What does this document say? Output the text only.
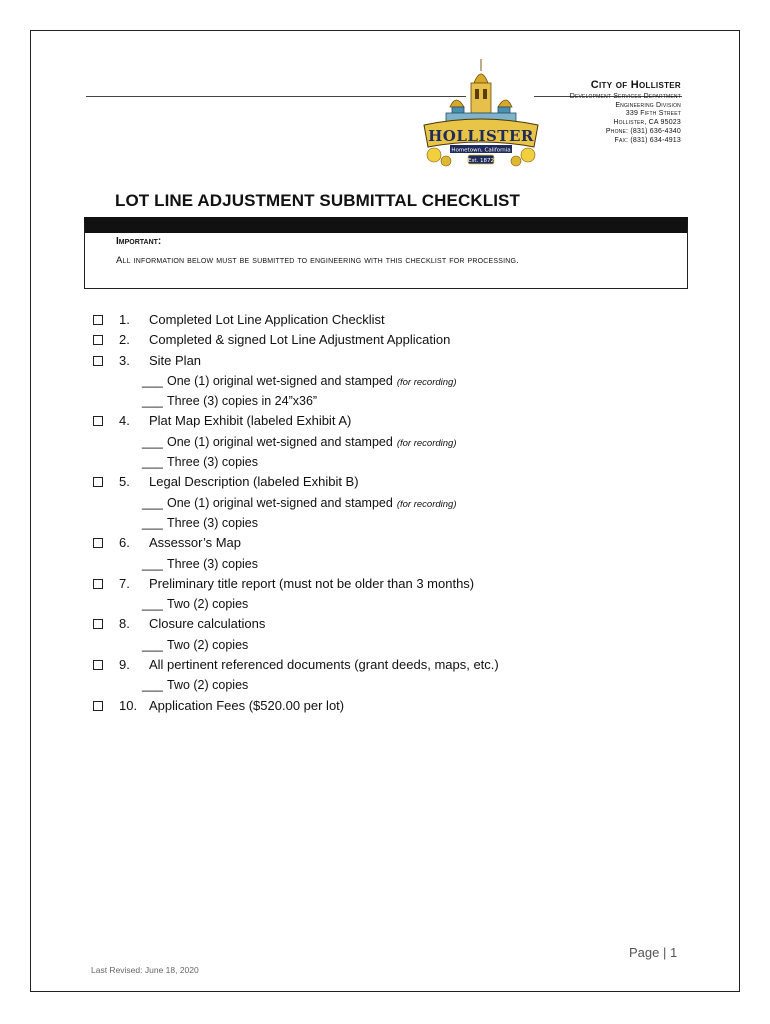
HOLLISTER
Hometown, California
Est. 1872
City of Hollister
Development Services Department
Engineering Division
339 Fifth Street
Hollister, CA 95023
Phone: (831) 636-4340
Fax: (831) 634-4913
LOT LINE ADJUSTMENT SUBMITTAL CHECKLIST
Important:
All information below must be submitted to engineering with this checklist for processing.
1. Completed Lot Line Application Checklist
2. Completed & signed Lot Line Adjustment Application
3. Site Plan
___ One (1) original wet-signed and stamped (for recording)
___ Three (3) copies in 24”x36”
4. Plat Map Exhibit (labeled Exhibit A)
___ One (1) original wet-signed and stamped (for recording)
___ Three (3) copies
5. Legal Description (labeled Exhibit B)
___ One (1) original wet-signed and stamped (for recording)
___ Three (3) copies
6. Assessor’s Map
___ Three (3) copies
7. Preliminary title report (must not be older than 3 months)
___ Two (2) copies
8. Closure calculations
___ Two (2) copies
9. All pertinent referenced documents (grant deeds, maps, etc.)
___ Two (2) copies
10. Application Fees ($520.00 per lot)
Page | 1
Last Revised: June 18, 2020
